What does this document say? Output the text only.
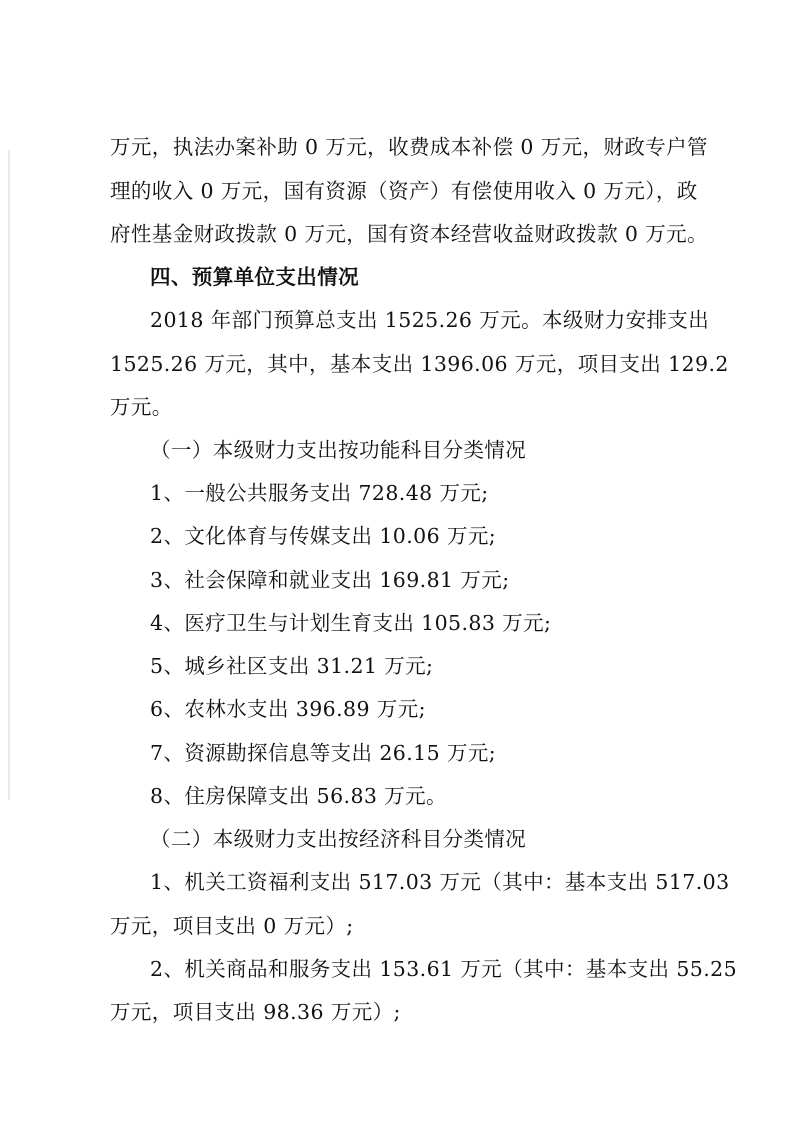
万元，执法办案补助 0 万元，收费成本补偿 0 万元，财政专户管
理的收入 0 万元，国有资源（资产）有偿使用收入 0 万元），政
府性基金财政拨款 0 万元，国有资本经营收益财政拨款 0 万元。
四、预算单位支出情况
2018 年部门预算总支出 1525.26 万元。本级财力安排支出
1525.26 万元，其中，基本支出 1396.06 万元，项目支出 129.2
万元。
（一）本级财力支出按功能科目分类情况
1、一般公共服务支出 728.48 万元;
2、文化体育与传媒支出 10.06 万元;
3、社会保障和就业支出 169.81 万元;
4、医疗卫生与计划生育支出 105.83 万元;
5、城乡社区支出 31.21 万元;
6、农林水支出 396.89 万元;
7、资源勘探信息等支出 26.15 万元;
8、住房保障支出 56.83 万元。
（二）本级财力支出按经济科目分类情况
1、机关工资福利支出 517.03 万元（其中：基本支出 517.03
万元，项目支出 0 万元）;
2、机关商品和服务支出 153.61 万元（其中：基本支出 55.25
万元，项目支出 98.36 万元）;
